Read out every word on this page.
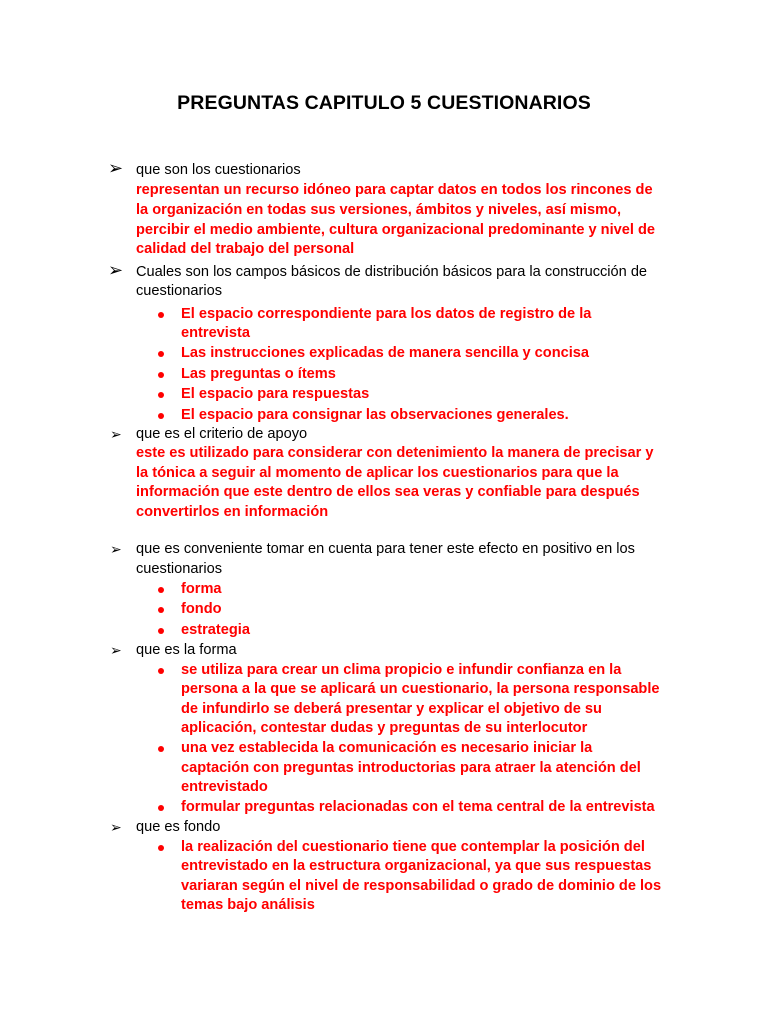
PREGUNTAS CAPITULO 5 CUESTIONARIOS
➢ que son los cuestionarios
representan un recurso idóneo para captar datos en todos los rincones de
la organización en todas sus versiones, ámbitos y niveles, así mismo,
percibir el medio ambiente, cultura organizacional predominante y nivel de
calidad del trabajo del personal
➢ Cuales son los campos básicos de distribución básicos para la construcción de
cuestionarios
El espacio correspondiente para los datos de registro de la
entrevista
Las instrucciones explicadas de manera sencilla y concisa
Las preguntas o ítems
El espacio para respuestas
El espacio para consignar las observaciones generales.
➢ que es el criterio de apoyo
este es utilizado para considerar con detenimiento la manera de precisar y
la tónica a seguir al momento de aplicar los cuestionarios para que la
información que este dentro de ellos sea veras y confiable para después
convertirlos en información
➢ que es conveniente tomar en cuenta para tener este efecto en positivo en los
cuestionarios
forma
fondo
estrategia
➢ que es la forma
se utiliza para crear un clima propicio e infundir confianza en la
persona a la que se aplicará un cuestionario, la persona responsable
de infundirlo se deberá presentar y explicar el objetivo de su
aplicación, contestar dudas y preguntas de su interlocutor
una vez establecida la comunicación es necesario iniciar la
captación con preguntas introductorias para atraer la atención del
entrevistado
formular preguntas relacionadas con el tema central de la entrevista
➢ que es fondo
la realización del cuestionario tiene que contemplar la posición del
entrevistado en la estructura organizacional, ya que sus respuestas
variaran según el nivel de responsabilidad o grado de dominio de los
temas bajo análisis
